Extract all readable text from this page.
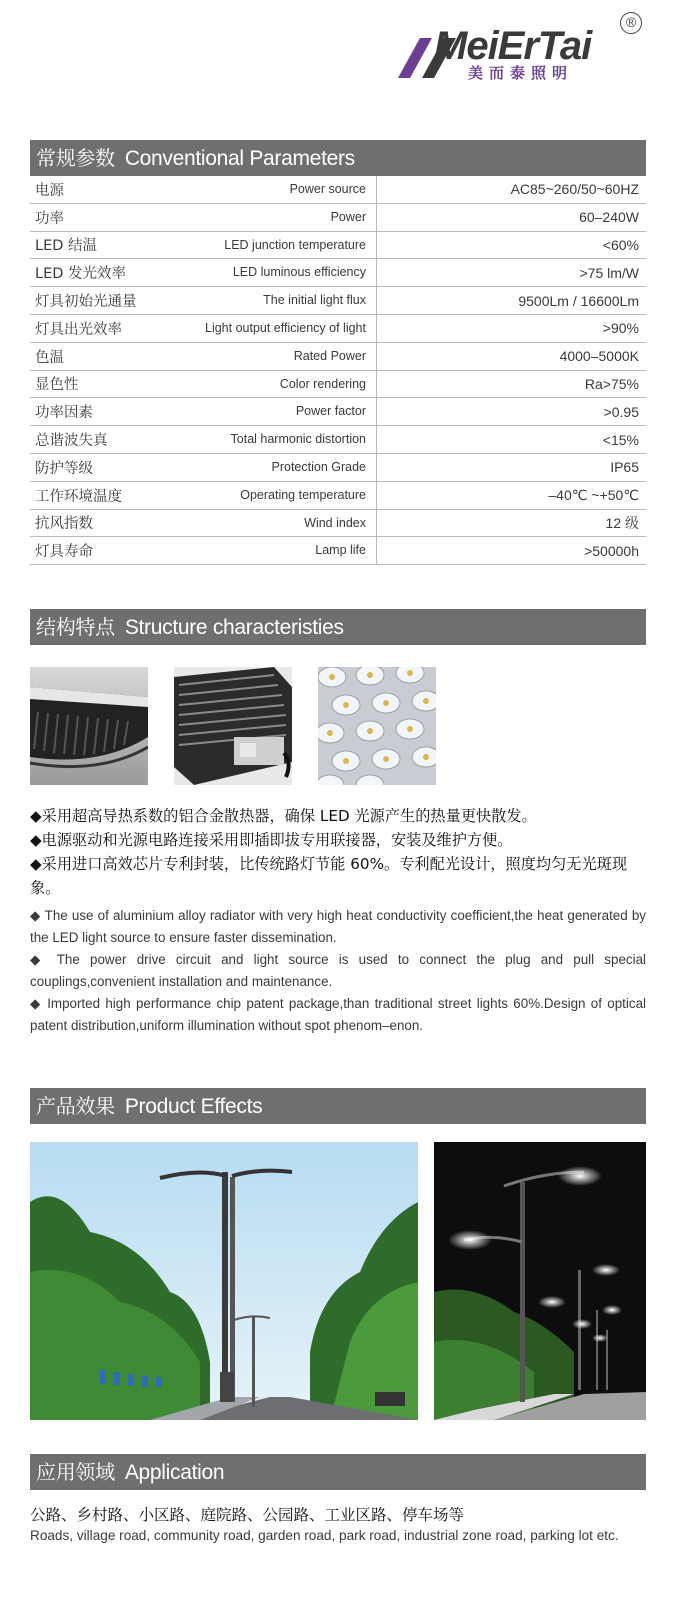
MeiErTai
美而泰照明
®
常规参数 Conventional Parameters
电源	Power source	AC85~260/50~60HZ
功率	Power	60–240W
LED 结温	LED junction temperature	<60%
LED 发光效率	LED luminous efficiency	>75 lm/W
灯具初始光通量	The initial light flux	9500Lm / 16600Lm
灯具出光效率	Light output efficiency of light	>90%
色温	Rated Power	4000–5000K
显色性	Color rendering	Ra>75%
功率因素	Power factor	>0.95
总谐波失真	Total harmonic distortion	<15%
防护等级	Protection Grade	IP65
工作环境温度	Operating temperature	–40℃ ~+50℃
抗风指数	Wind index	12 级
灯具寿命	Lamp life	>50000h
结构特点 Structure characteristies

◆采用超高导热系数的铝合金散热器，确保 LED 光源产生的热量更快散发。

◆电源驱动和光源电路连接采用即插即拔专用联接器，安装及维护方便。

◆采用进口高效芯片专利封装，比传统路灯节能 60%。专利配光设计，照度均匀无光斑现象。

◆ The use of aluminium alloy radiator with very high heat conductivity coefficient,the heat generated by the LED light source to ensure faster dissemination.

◆ The power drive circuit and light source is used to connect the plug and pull special couplings,convenient installation and maintenance.

◆ Imported high performance chip patent package,than traditional street lights 60%.Design of optical patent distribution,uniform illumination without spot phenom–enon.

产品效果 Product Effects
应用领域 Application
公路、乡村路、小区路、庭院路、公园路、工业区路、停车场等
Roads, village road, community road, garden road, park road, industrial zone road, parking lot etc.
